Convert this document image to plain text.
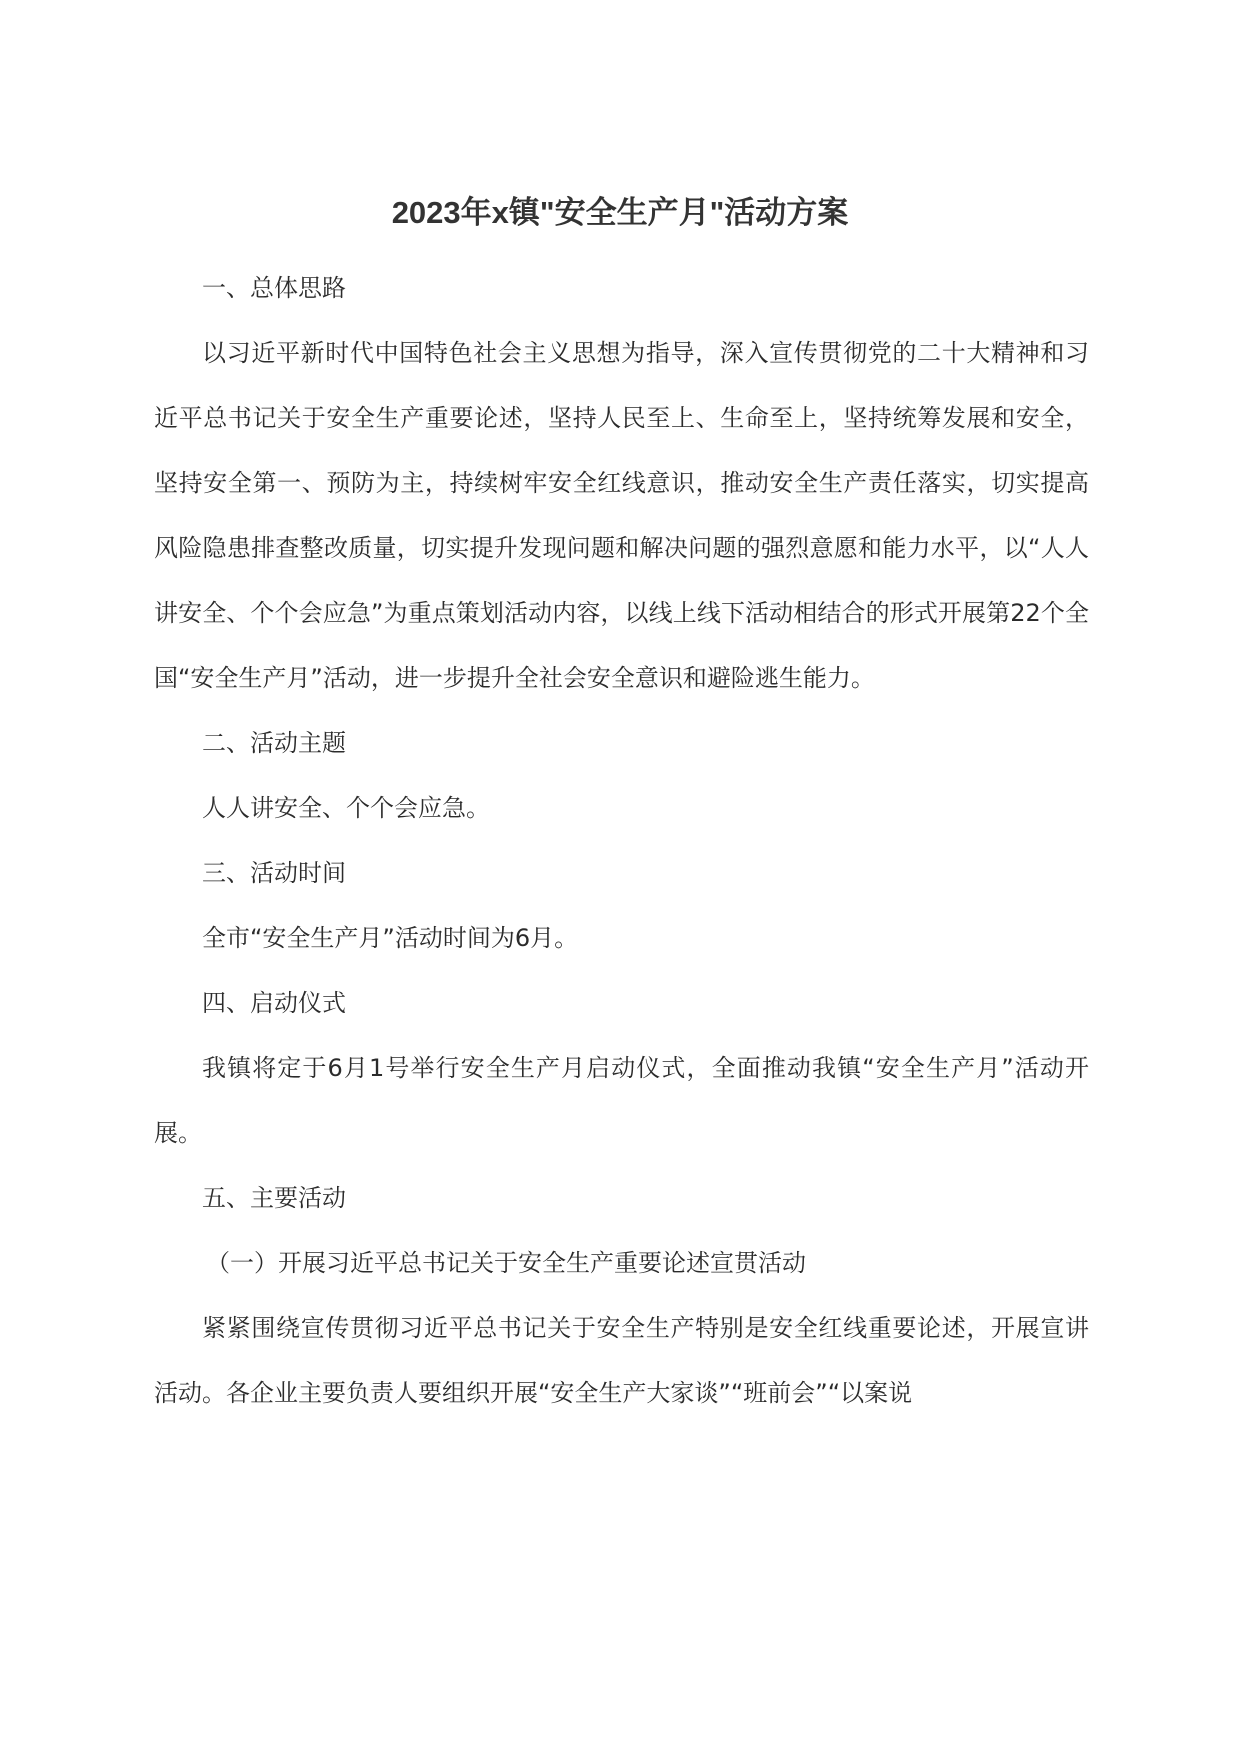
2023年x镇"安全生产月"活动方案

一、总体思路

以习近平新时代中国特色社会主义思想为指导，深入宣传贯彻党的二十大精神和习近平总书记关于安全生产重要论述，坚持人民至上、生命至上，坚持统筹发展和安全，坚持安全第一、预防为主，持续树牢安全红线意识，推动安全生产责任落实，切实提高风险隐患排查整改质量，切实提升发现问题和解决问题的强烈意愿和能力水平，以“人人讲安全、个个会应急”为重点策划活动内容，以线上线下活动相结合的形式开展第22个全国“安全生产月”活动，进一步提升全社会安全意识和避险逃生能力。

二、活动主题

人人讲安全、个个会应急。

三、活动时间

全市“安全生产月”活动时间为6月。

四、启动仪式

我镇将定于6月1号举行安全生产月启动仪式，全面推动我镇“安全生产月”活动开展。

五、主要活动

（一）开展习近平总书记关于安全生产重要论述宣贯活动

紧紧围绕宣传贯彻习近平总书记关于安全生产特别是安全红线重要论述，开展宣讲活动。各企业主要负责人要组织开展“安全生产大家谈”“班前会”“以案说
